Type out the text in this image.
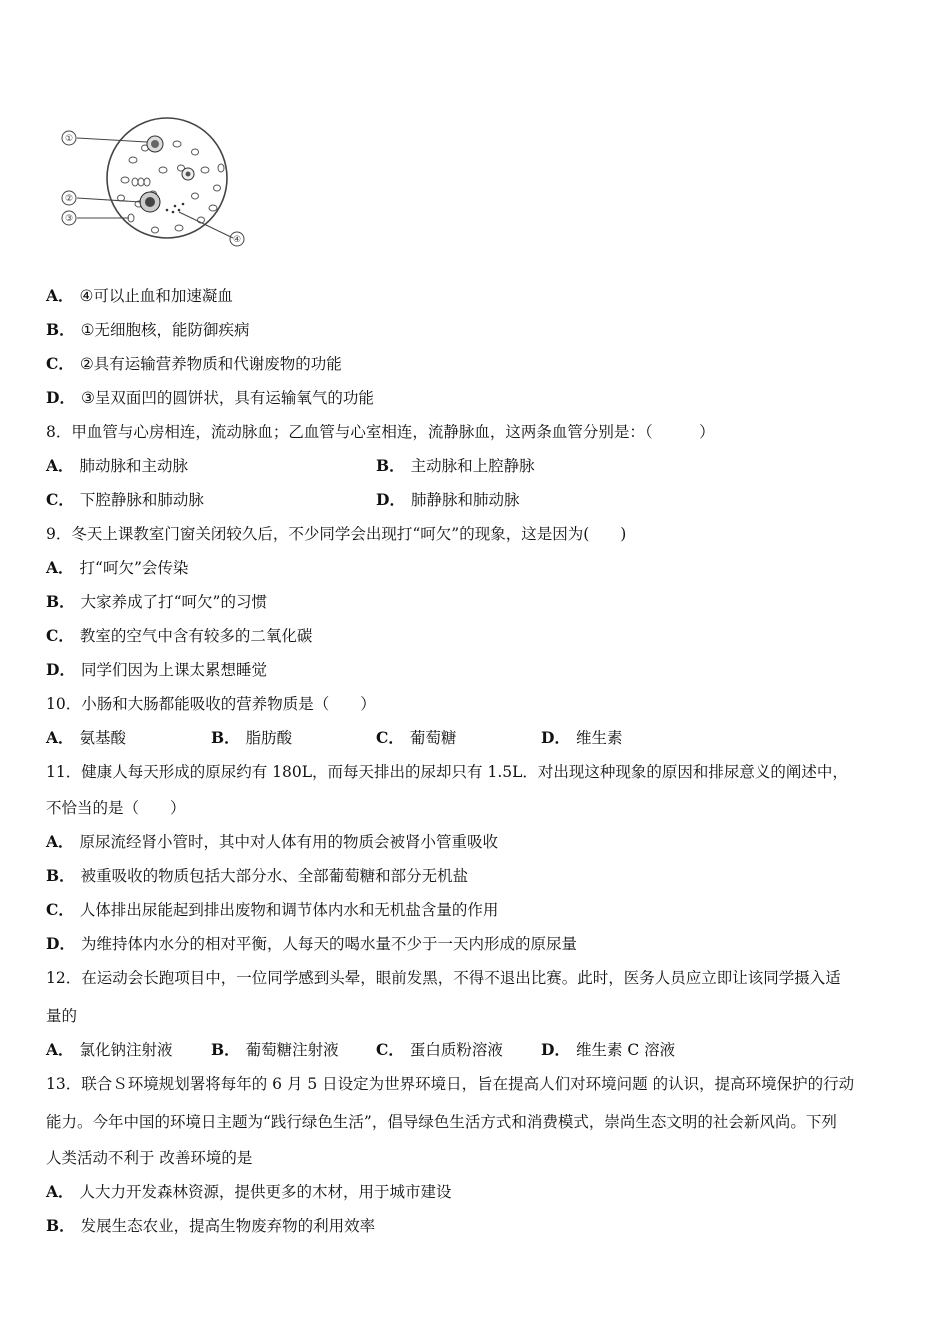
①
②
③
④
A． ④可以止血和加速凝血
B． ①无细胞核，能防御疾病
C． ②具有运输营养物质和代谢废物的功能
D． ③呈双面凹的圆饼状，具有运输氧气的功能
8．甲血管与心房相连，流动脉血；乙血管与心室相连，流静脉血，这两条血管分别是：（　　　）
A． 肺动脉和主动脉	B． 主动脉和上腔静脉
C． 下腔静脉和肺动脉	D． 肺静脉和肺动脉
9．冬天上课教室门窗关闭较久后，不少同学会出现打“呵欠”的现象，这是因为(　　)
A． 打“呵欠”会传染
B． 大家养成了打“呵欠”的习惯
C． 教室的空气中含有较多的二氧化碳
D． 同学们因为上课太累想睡觉
10．小肠和大肠都能吸收的营养物质是（　　）
A． 氨基酸	B． 脂肪酸	C． 葡萄糖	D． 维生素
11．健康人每天形成的原尿约有 180L，而每天排出的尿却只有 1.5L．对出现这种现象的原因和排尿意义的阐述中，
不恰当的是（　　）
A． 原尿流经肾小管时，其中对人体有用的物质会被肾小管重吸收
B． 被重吸收的物质包括大部分水、全部葡萄糖和部分无机盐
C． 人体排出尿能起到排出废物和调节体内水和无机盐含量的作用
D． 为维持体内水分的相对平衡，人每天的喝水量不少于一天内形成的原尿量
12．在运动会长跑项目中，一位同学感到头晕，眼前发黑，不得不退出比赛。此时，医务人员应立即让该同学摄入适
量的
A． 氯化钠注射液 B． 葡萄糖注射液 C． 蛋白质粉溶液 D． 维生素 C 溶液
13．联合Ｓ环境规划署将每年的 6 月 5 日设定为世界环境日，旨在提高人们对环境问题 的认识，提高环境保护的行动
能力。今年中国的环境日主题为“践行绿色生活”，倡导绿色生活方式和消费模式，崇尚生态文明的社会新风尚。下列
人类活动不利于 改善环境的是
A． 人大力开发森林资源，提供更多的木材，用于城市建设
B． 发展生态农业，提高生物废弃物的利用效率
